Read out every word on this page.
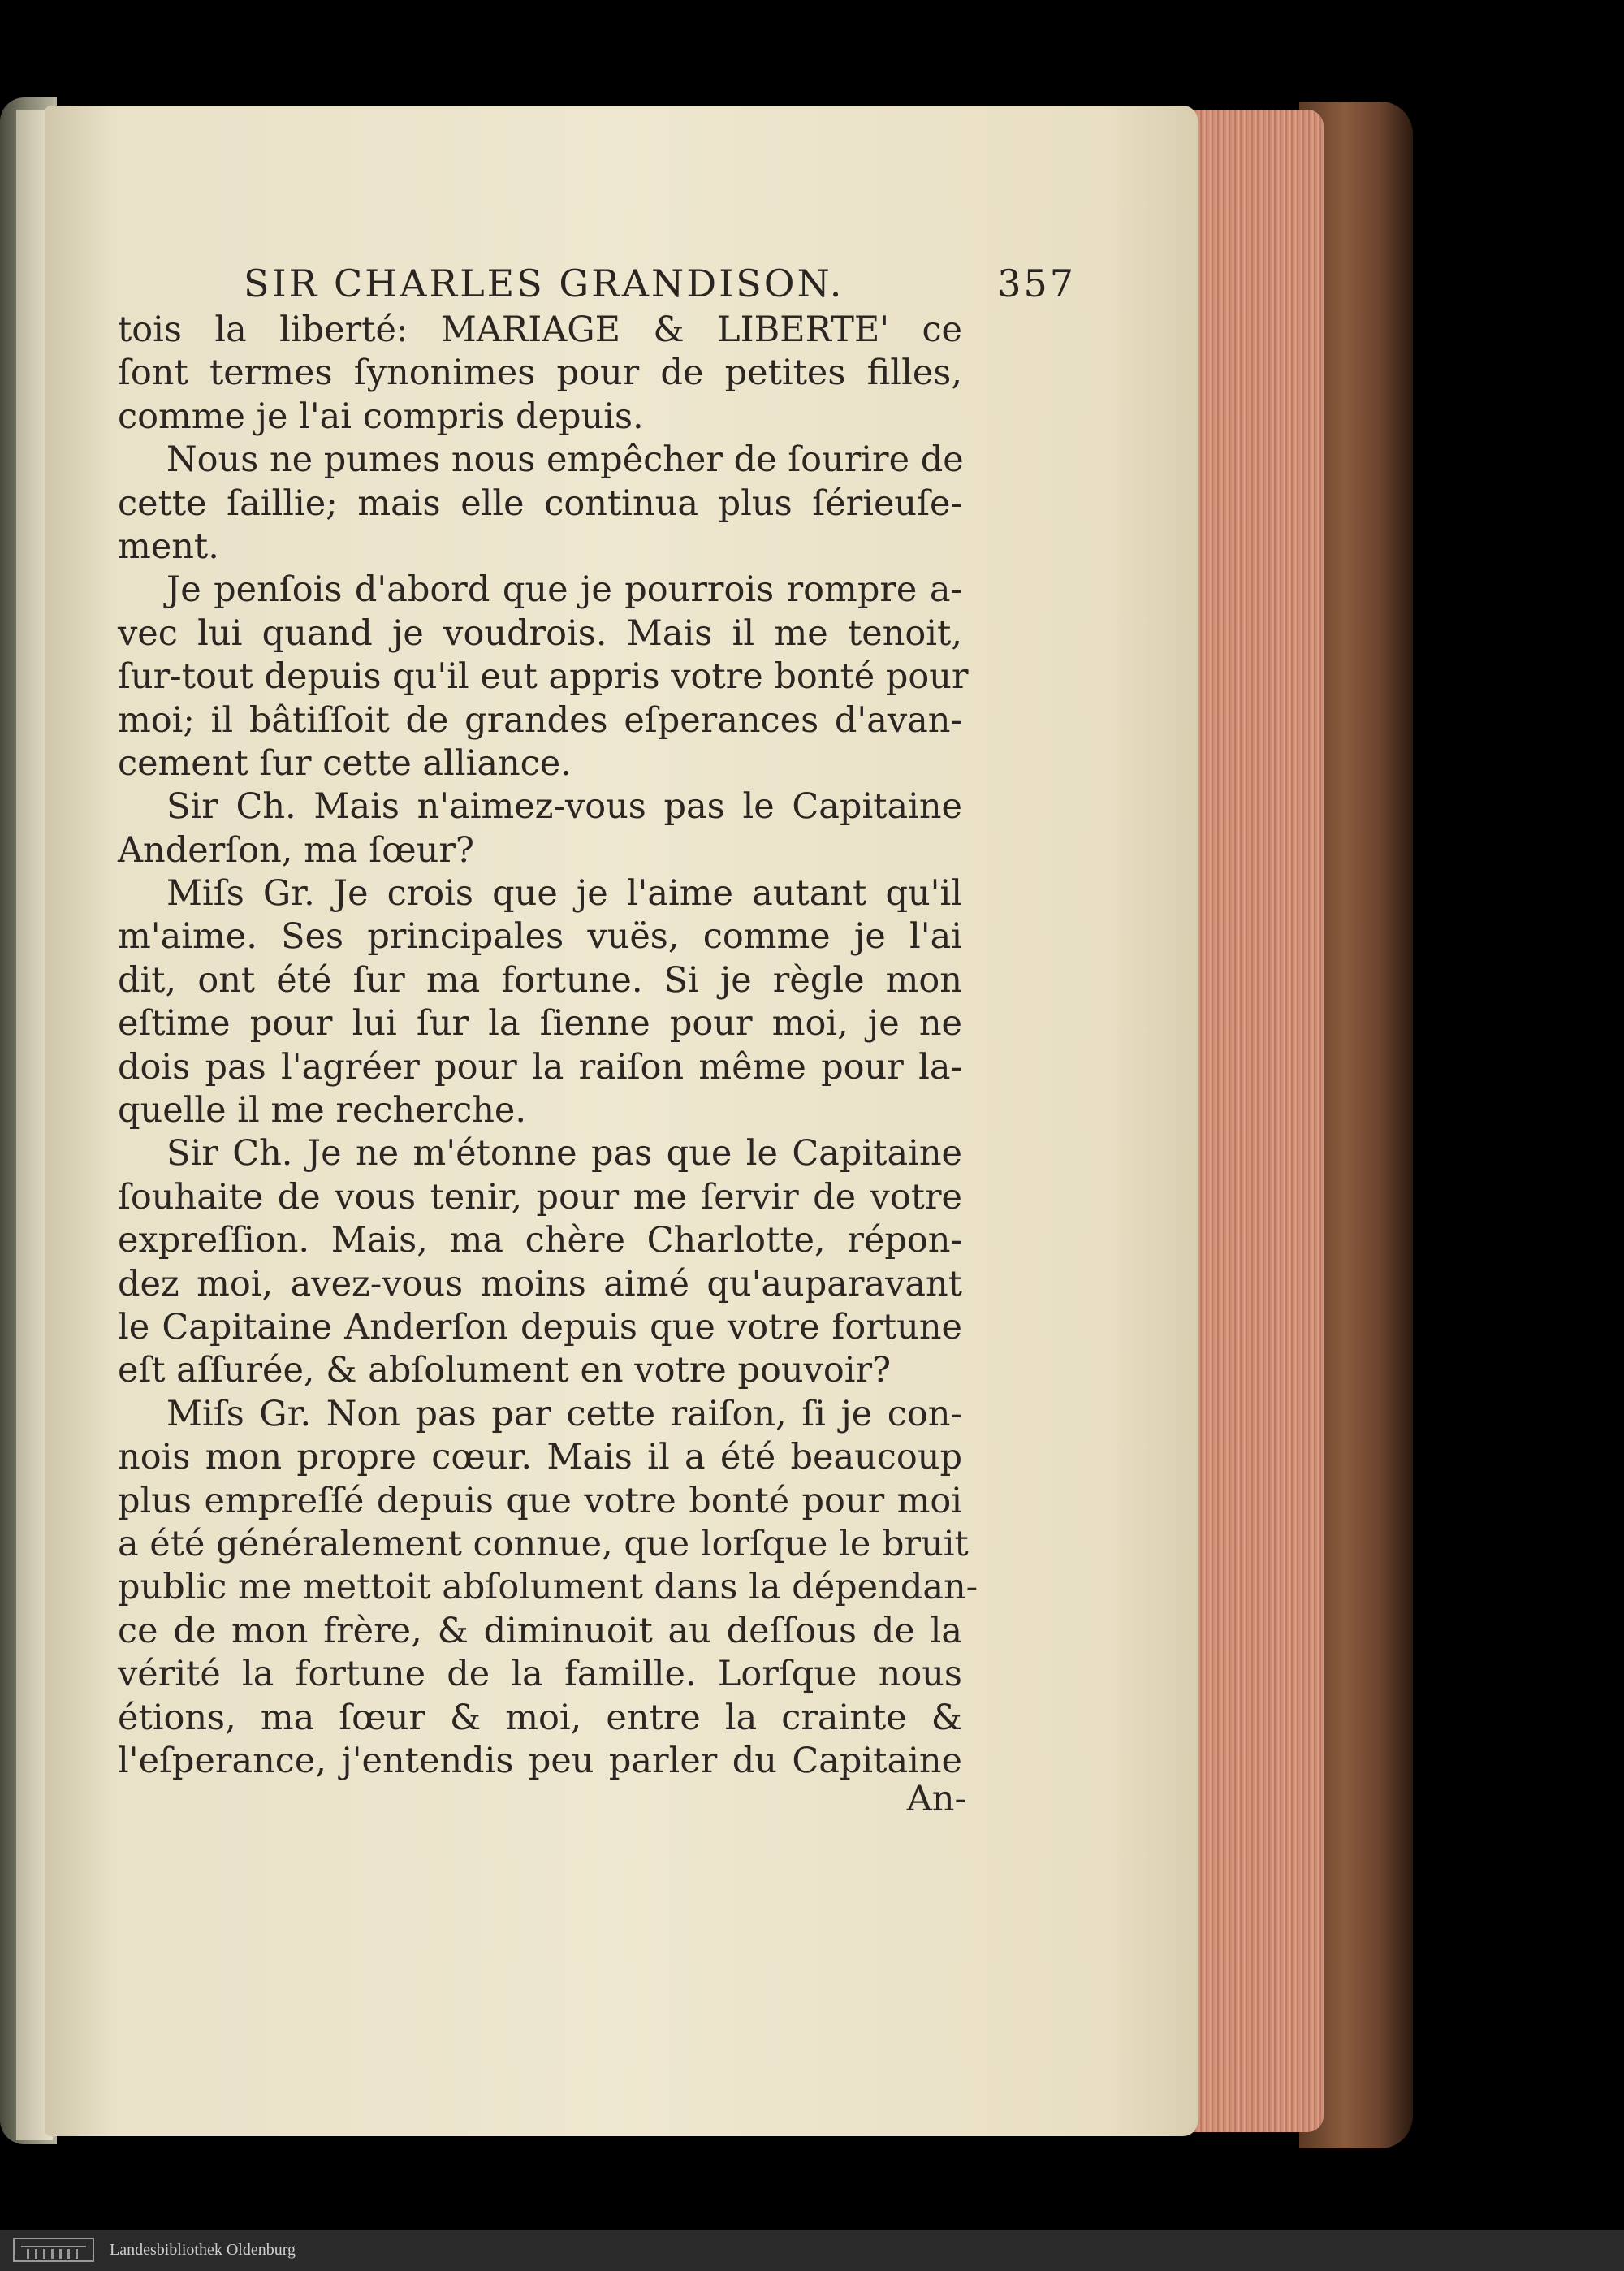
SIR CHARLES GRANDISON.	357
tois la liberté: MARIAGE & LIBERTE' ce
ſont termes ſynonimes pour de petites filles,
comme je l'ai compris depuis.
Nous ne pumes nous empêcher de ſourire de
cette ſaillie; mais elle continua plus ſérieuſe-
ment.
Je penſois d'abord que je pourrois rompre a-
vec lui quand je voudrois. Mais il me tenoit,
ſur-tout depuis qu'il eut appris votre bonté pour
moi; il bâtiſſoit de grandes eſperances d'avan-
cement ſur cette alliance.
Sir Ch. Mais n'aimez-vous pas le Capitaine
Anderſon, ma ſœur?
Miſs Gr. Je crois que je l'aime autant qu'il
m'aime. Ses principales vuës, comme je l'ai
dit, ont été ſur ma fortune. Si je règle mon
eſtime pour lui ſur la ſienne pour moi, je ne
dois pas l'agréer pour la raiſon même pour la-
quelle il me recherche.
Sir Ch. Je ne m'étonne pas que le Capitaine
ſouhaite de vous tenir, pour me ſervir de votre
expreſſion. Mais, ma chère Charlotte, répon-
dez moi, avez-vous moins aimé qu'auparavant
le Capitaine Anderſon depuis que votre fortune
eſt aſſurée, & abſolument en votre pouvoir?
Miſs Gr. Non pas par cette raiſon, ſi je con-
nois mon propre cœur. Mais il a été beaucoup
plus empreſſé depuis que votre bonté pour moi
a été généralement connue, que lorſque le bruit
public me mettoit abſolument dans la dépendan-
ce de mon frère, & diminuoit au deſſous de la
vérité la fortune de la famille. Lorſque nous
étions, ma ſœur & moi, entre la crainte &
l'eſperance, j'entendis peu parler du Capitaine
An-
Landesbibliothek Oldenburg
